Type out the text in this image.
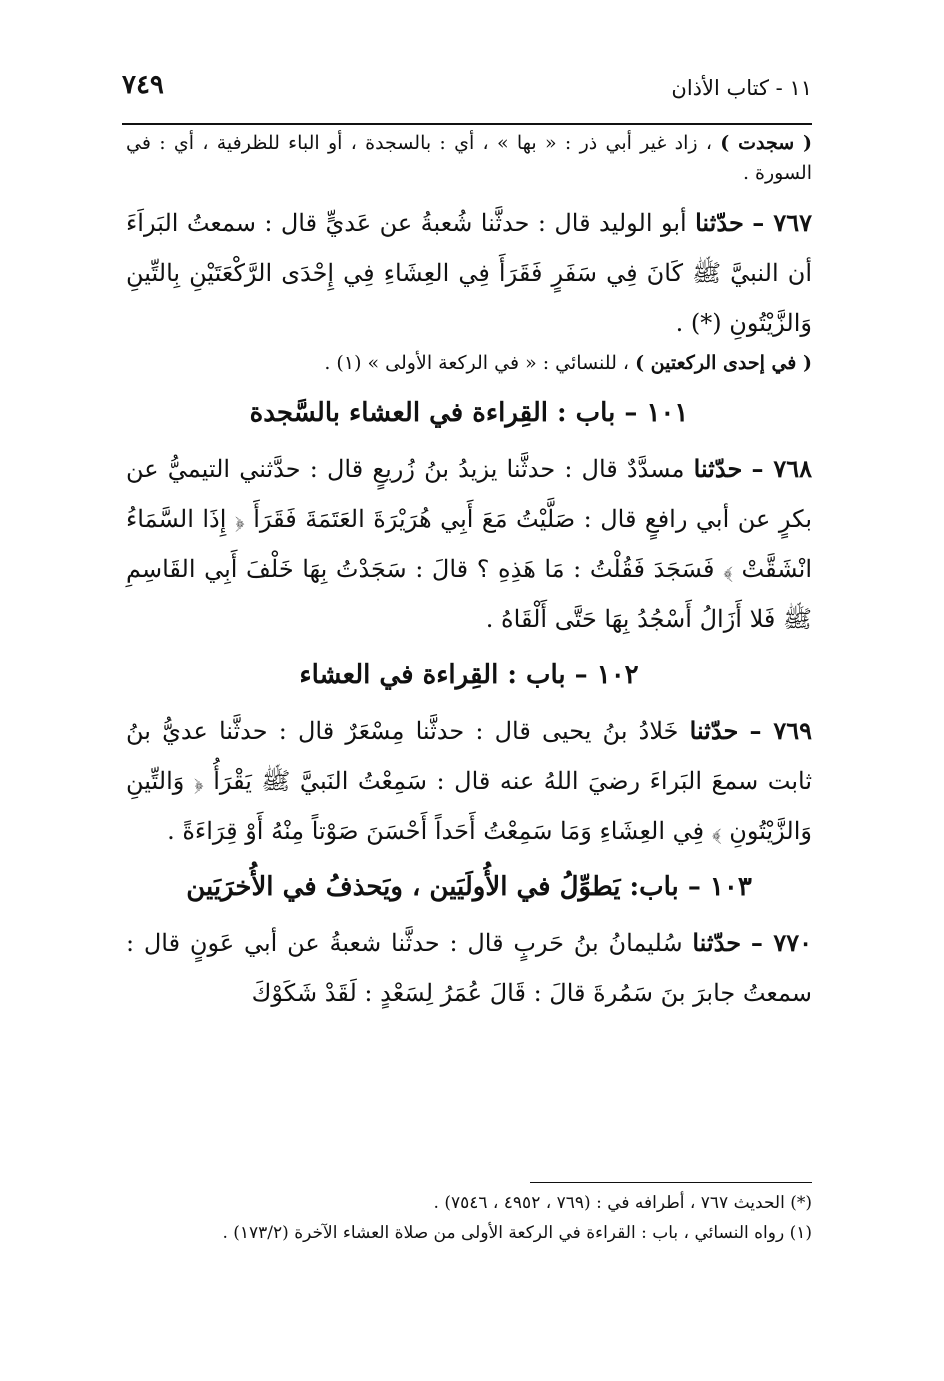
٧٤٩	١١ - كتاب الأذان

( سجدت ) ، زاد غير أبي ذر : « بها » ، أي : بالسجدة ، أو الباء للظرفية ، أي : في السورة .

٧٦٧ – حدّثنا أبو الوليد قال : حدثَّنا شُعبةُ عن عَديٍّ قال : سمعتُ البَراَءَ أن النبيَّ ﷺ كَانَ فِي سَفَرٍ فَقَرَأَ فِي العِشَاءِ فِي إِحْدَى الرَّكْعَتَيْنِ بِالتِّينِ وَالزَّيْتُونِ (*) .

( في إحدى الركعتين ) ، للنسائي : « في الركعة الأولى » (١) .

١٠١ – باب : القِراءة في العشاء بالسَّجدة

٧٦٨ – حدّثنا مسدَّدٌ قال : حدثَّنا يزيدُ بنُ زُريعٍ قال : حدَّثني التيميُّ عن بكرٍ عن أبي رافعٍ قال : صَلَّيْتُ مَعَ أَبِي هُرَيْرَةَ العَتَمَةَ فَقَرَأَ ﴿ إِذَا السَّمَاءُ انْشَقَّتْ ﴾ فَسَجَدَ فَقُلْتُ : مَا هَذِهِ ؟ قالَ : سَجَدْتُ بِهَا خَلْفَ أَبِي القَاسِمِ ﷺ فَلا أَزَالُ أَسْجُدُ بِهَا حَتَّى أَلْقَاهُ .

١٠٢ – باب : القِراءة في العشاء

٧٦٩ – حدّثنا خَلادُ بنُ يحيى قال : حدثَّنا مِسْعَرٌ قال : حدثَّنا عديُّ بنُ ثابت سمعَ البَراءَ رضيَ اللهُ عنه قال : سَمِعْتُ النَبيَّ ﷺ يَقْرَأُ ﴿ وَالتِّينِ وَالزَّيْتُونِ ﴾ فِي العِشَاءِ وَمَا سَمِعْتُ أَحَداً أَحْسَنَ صَوْتاً مِنْهُ أَوْ قِرَاءَةً .

١٠٣ – باب: يَطوِّلُ في الأُولَيَين ، ويَحذفُ في الأُخرَيَين

٧٧٠ – حدّثنا سُليمانُ بنُ حَربٍ قال : حدثَّنا شعبةُ عن أبي عَونٍ قال : سمعتُ جابرَ بنَ سَمُرةَ قالَ : قَالَ عُمَرُ لِسَعْدٍ : لَقَدْ شَكَوْكَ

(*) الحديث ٧٦٧ ، أطرافه في : (٧٦٩ ، ٤٩٥٢ ، ٧٥٤٦) .

(١) رواه النسائي ، باب : القراءة في الركعة الأولى من صلاة العشاء الآخرة (١٧٣/٢) .
